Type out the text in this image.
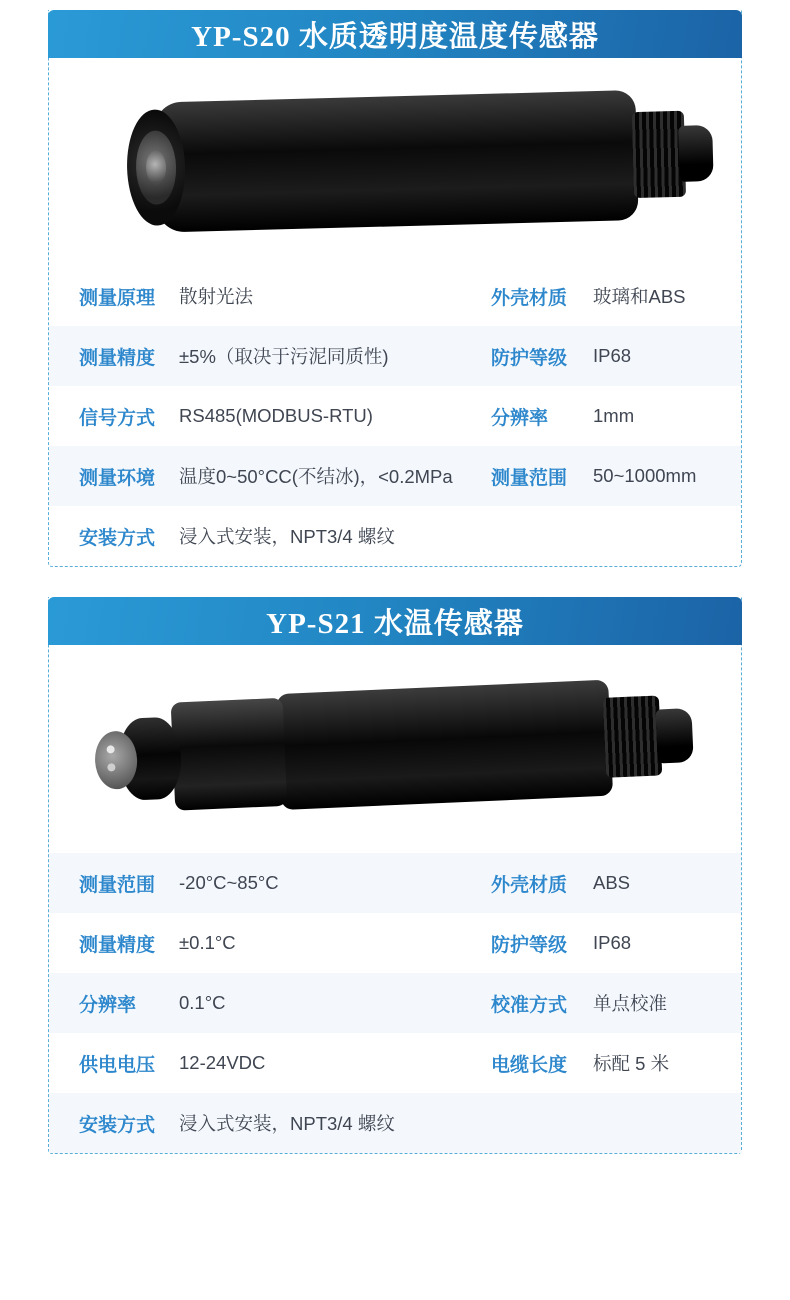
YP-S20 水质透明度温度传感器
测量原理	散射光法	外壳材质	玻璃和ABS
测量精度	±5%（取决于污泥同质性)	防护等级	IP68
信号方式	RS485(MODBUS-RTU)	分辨率	1mm
测量环境	温度0~50°CC(不结冰)，<0.2MPa	测量范围	50~1000mm
安装方式	浸入式安装，NPT3/4 螺纹
YP-S21 水温传感器
测量范围	-20°C~85°C	外壳材质	ABS
测量精度	±0.1°C	防护等级	IP68
分辨率	0.1°C	校准方式	单点校准
供电电压	12-24VDC	电缆长度	标配 5 米
安装方式	浸入式安装，NPT3/4 螺纹
